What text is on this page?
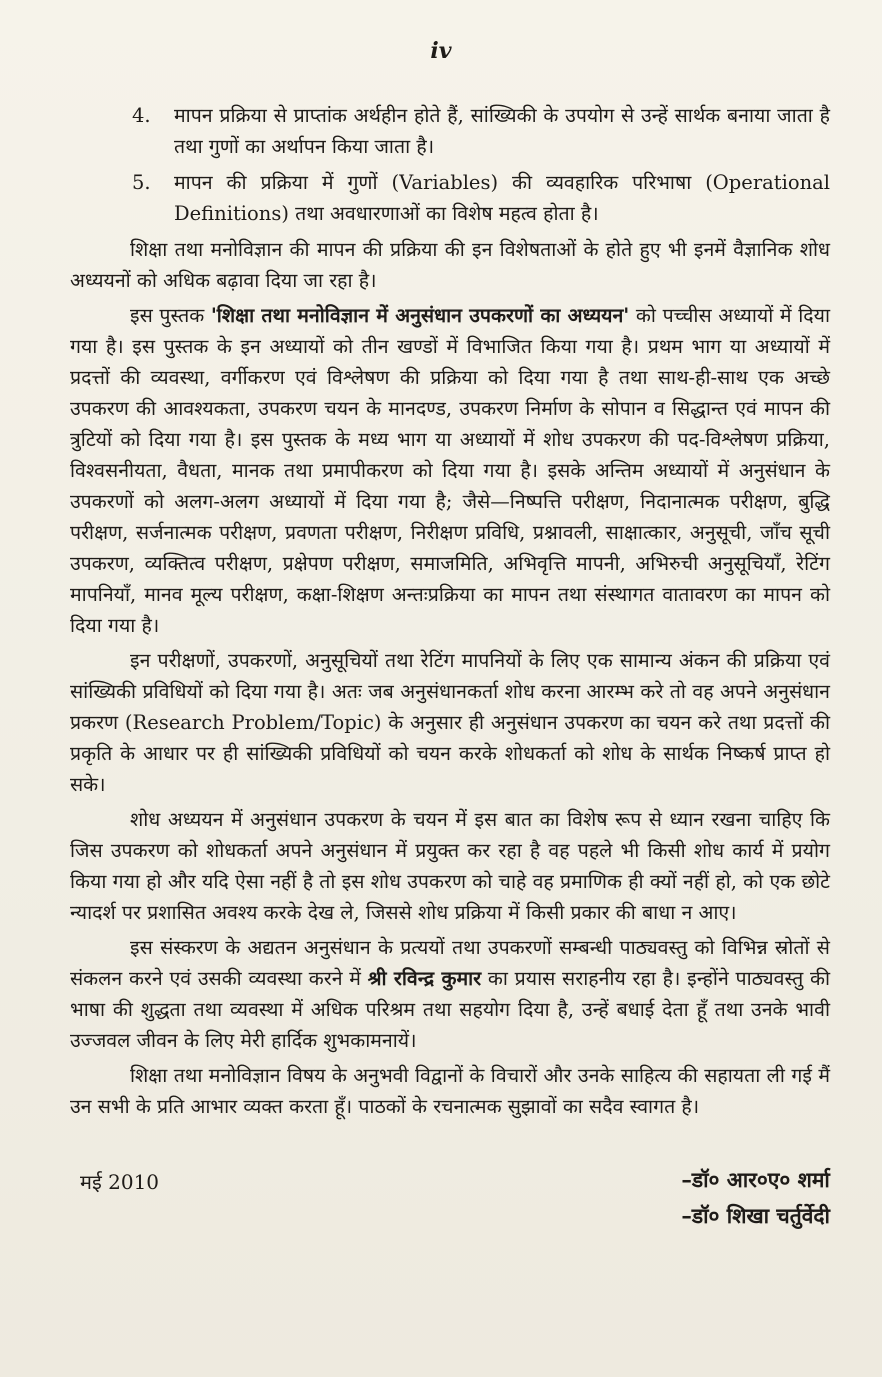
iv
4. मापन प्रक्रिया से प्राप्तांक अर्थहीन होते हैं, सांख्यिकी के उपयोग से उन्हें सार्थक बनाया जाता है तथा गुणों का अर्थापन किया जाता है।

5. मापन की प्रक्रिया में गुणों (Variables) की व्यवहारिक परिभाषा (Operational Definitions) तथा अवधारणाओं का विशेष महत्व होता है।

शिक्षा तथा मनोविज्ञान की मापन की प्रक्रिया की इन विशेषताओं के होते हुए भी इनमें वैज्ञानिक शोध अध्ययनों को अधिक बढ़ावा दिया जा रहा है।

इस पुस्तक 'शिक्षा तथा मनोविज्ञान में अनुसंधान उपकरणों का अध्ययन' को पच्चीस अध्यायों में दिया गया है। इस पुस्तक के इन अध्यायों को तीन खण्डों में विभाजित किया गया है। प्रथम भाग या अध्यायों में प्रदत्तों की व्यवस्था, वर्गीकरण एवं विश्लेषण की प्रक्रिया को दिया गया है तथा साथ-ही-साथ एक अच्छे उपकरण की आवश्यकता, उपकरण चयन के मानदण्ड, उपकरण निर्माण के सोपान व सिद्धान्त एवं मापन की त्रुटियों को दिया गया है। इस पुस्तक के मध्य भाग या अध्यायों में शोध उपकरण की पद-विश्लेषण प्रक्रिया, विश्वसनीयता, वैधता, मानक तथा प्रमापीकरण को दिया गया है। इसके अन्तिम अध्यायों में अनुसंधान के उपकरणों को अलग-अलग अध्यायों में दिया गया है; जैसे—निष्पत्ति परीक्षण, निदानात्मक परीक्षण, बुद्धि परीक्षण, सर्जनात्मक परीक्षण, प्रवणता परीक्षण, निरीक्षण प्रविधि, प्रश्नावली, साक्षात्कार, अनुसूची, जाँच सूची उपकरण, व्यक्तित्व परीक्षण, प्रक्षेपण परीक्षण, समाजमिति, अभिवृत्ति मापनी, अभिरुची अनुसूचियाँ, रेटिंग मापनियाँ, मानव मूल्य परीक्षण, कक्षा-शिक्षण अन्तःप्रक्रिया का मापन तथा संस्थागत वातावरण का मापन को दिया गया है।

इन परीक्षणों, उपकरणों, अनुसूचियों तथा रेटिंग मापनियों के लिए एक सामान्य अंकन की प्रक्रिया एवं सांख्यिकी प्रविधियों को दिया गया है। अतः जब अनुसंधानकर्ता शोध करना आरम्भ करे तो वह अपने अनुसंधान प्रकरण (Research Problem/Topic) के अनुसार ही अनुसंधान उपकरण का चयन करे तथा प्रदत्तों की प्रकृति के आधार पर ही सांख्यिकी प्रविधियों को चयन करके शोधकर्ता को शोध के सार्थक निष्कर्ष प्राप्त हो सके।

शोध अध्ययन में अनुसंधान उपकरण के चयन में इस बात का विशेष रूप से ध्यान रखना चाहिए कि जिस उपकरण को शोधकर्ता अपने अनुसंधान में प्रयुक्त कर रहा है वह पहले भी किसी शोध कार्य में प्रयोग किया गया हो और यदि ऐसा नहीं है तो इस शोध उपकरण को चाहे वह प्रमाणिक ही क्यों नहीं हो, को एक छोटे न्यादर्श पर प्रशासित अवश्य करके देख ले, जिससे शोध प्रक्रिया में किसी प्रकार की बाधा न आए।

इस संस्करण के अद्यतन अनुसंधान के प्रत्ययों तथा उपकरणों सम्बन्धी पाठ्यवस्तु को विभिन्न स्रोतों से संकलन करने एवं उसकी व्यवस्था करने में श्री रविन्द्र कुमार का प्रयास सराहनीय रहा है। इन्होंने पाठ्यवस्तु की भाषा की शुद्धता तथा व्यवस्था में अधिक परिश्रम तथा सहयोग दिया है, उन्हें बधाई देता हूँ तथा उनके भावी उज्जवल जीवन के लिए मेरी हार्दिक शुभकामनायें।

शिक्षा तथा मनोविज्ञान विषय के अनुभवी विद्वानों के विचारों और उनके साहित्य की सहायता ली गई मैं उन सभी के प्रति आभार व्यक्त करता हूँ। पाठकों के रचनात्मक सुझावों का सदैव स्वागत है।

मई 2010	–डॉ० आर०ए० शर्मा
–डॉ० शिखा चर्तुर्वेदी
